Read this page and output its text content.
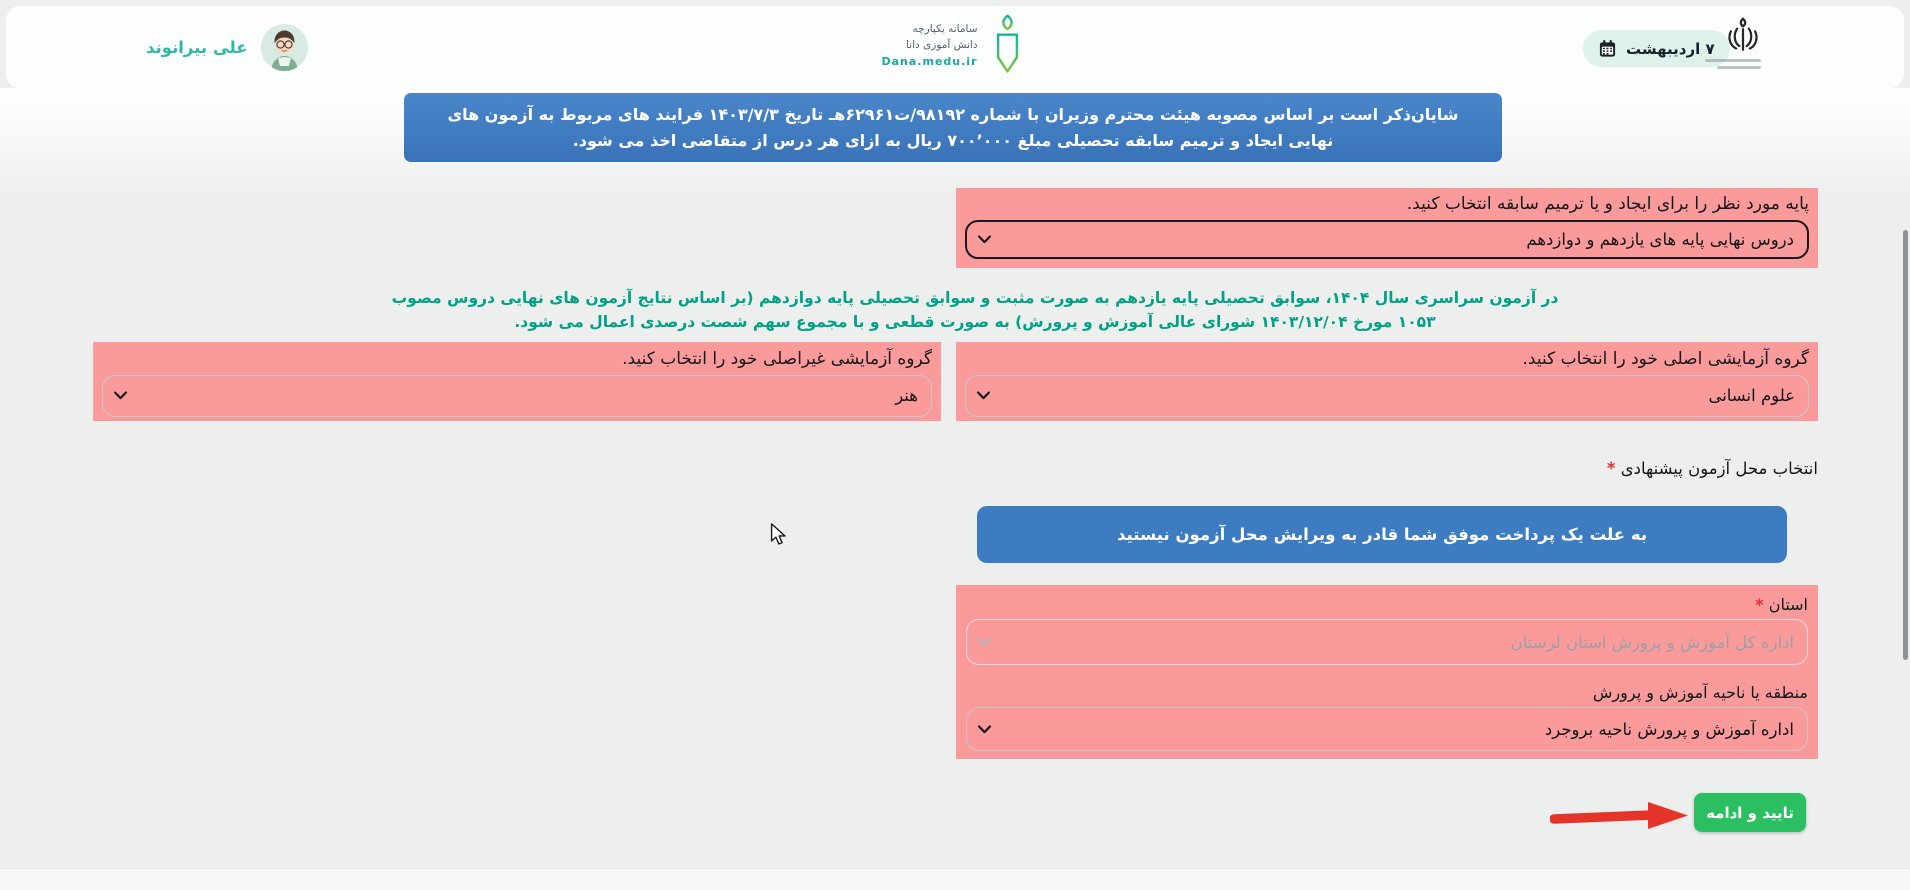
علی بیرانوند
سامانه یکپارچه
دانش آموزی دانا
Dana.medu.ir
۷ اردیبهشت
شایان‌ذکر است بر اساس مصوبه هیئت محترم وزیران با شماره ۹۸۱۹۲/ت۶۲۹۶۱هـ تاریخ ۱۴۰۳/۷/۳ فرایند های مربوط به آزمون های نهایی ایجاد و ترمیم سابقه تحصیلی مبلغ ۷۰۰٬۰۰۰ ریال به ازای هر درس از متقاضی اخذ می شود.
پایه مورد نظر را برای ایجاد و یا ترمیم سابقه انتخاب کنید.
دروس نهایی پایه های یازدهم و دوازدهم
در آزمون سراسری سال ۱۴۰۴، سوابق تحصیلی پایه یازدهم به صورت مثبت و سوابق تحصیلی پایه دوازدهم (بر اساس نتایج آزمون های نهایی دروس مصوب ۱۰۵۳ مورخ ۱۴۰۳/۱۲/۰۴ شورای عالی آموزش و پرورش) به صورت قطعی و با مجموع سهم شصت درصدی اعمال می شود.
گروه آزمایشی اصلی خود را انتخاب کنید.
علوم انسانی
گروه آزمایشی غیراصلی خود را انتخاب کنید.
هنر
انتخاب محل آزمون پیشنهادی *
به علت یک پرداخت موفق شما قادر به ویرایش محل آزمون نیستید
استان *
اداره کل آموزش و پرورش استان لرستان
منطقه یا ناحیه آموزش و پرورش
اداره آموزش و پرورش ناحیه بروجرد
تایید و ادامه
